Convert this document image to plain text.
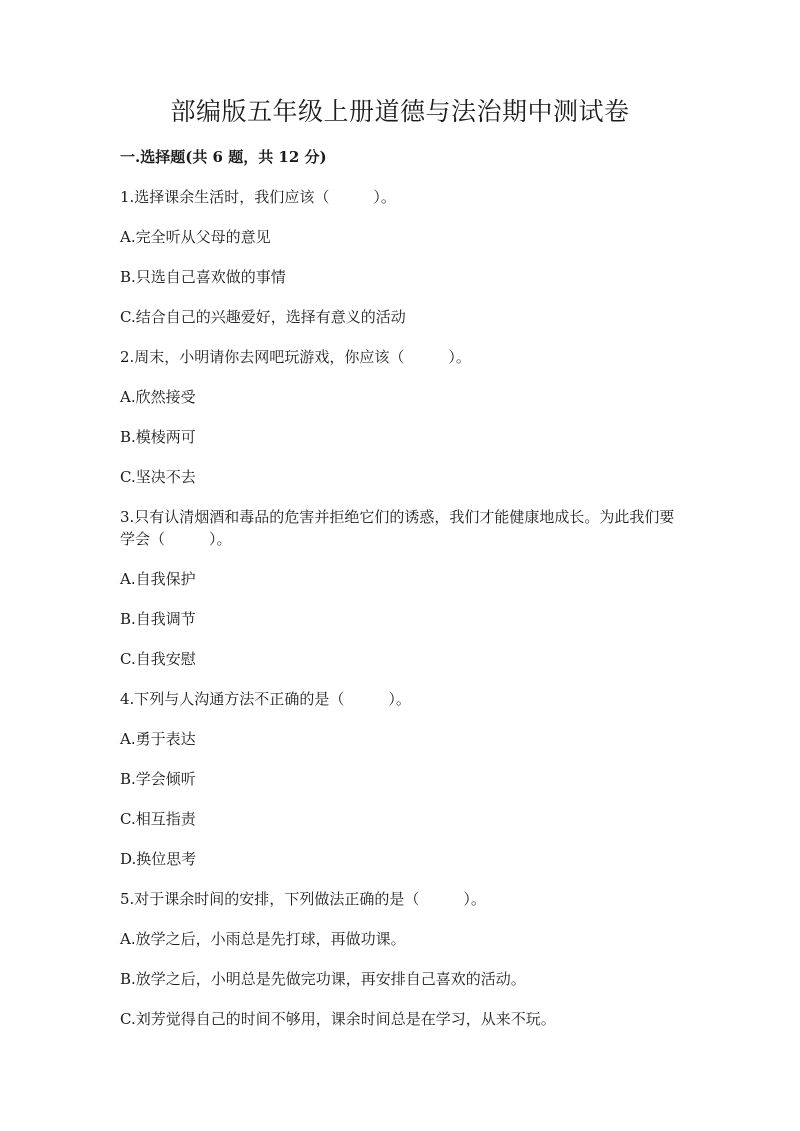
部编版五年级上册道德与法治期中测试卷
一.选择题(共 6 题，共 12 分)

1.选择课余生活时，我们应该（	）。

A.完全听从父母的意见

B.只选自己喜欢做的事情

C.结合自己的兴趣爱好，选择有意义的活动

2.周末，小明请你去网吧玩游戏，你应该（	）。

A.欣然接受

B.模棱两可

C.坚决不去

3.只有认清烟酒和毒品的危害并拒绝它们的诱惑，我们才能健康地成长。为此我们要学会（	）。

A.自我保护

B.自我调节

C.自我安慰

4.下列与人沟通方法不正确的是（	）。

A.勇于表达

B.学会倾听

C.相互指责

D.换位思考

5.对于课余时间的安排，下列做法正确的是（	）。

A.放学之后，小雨总是先打球，再做功课。

B.放学之后，小明总是先做完功课，再安排自己喜欢的活动。

C.刘芳觉得自己的时间不够用，课余时间总是在学习，从来不玩。
